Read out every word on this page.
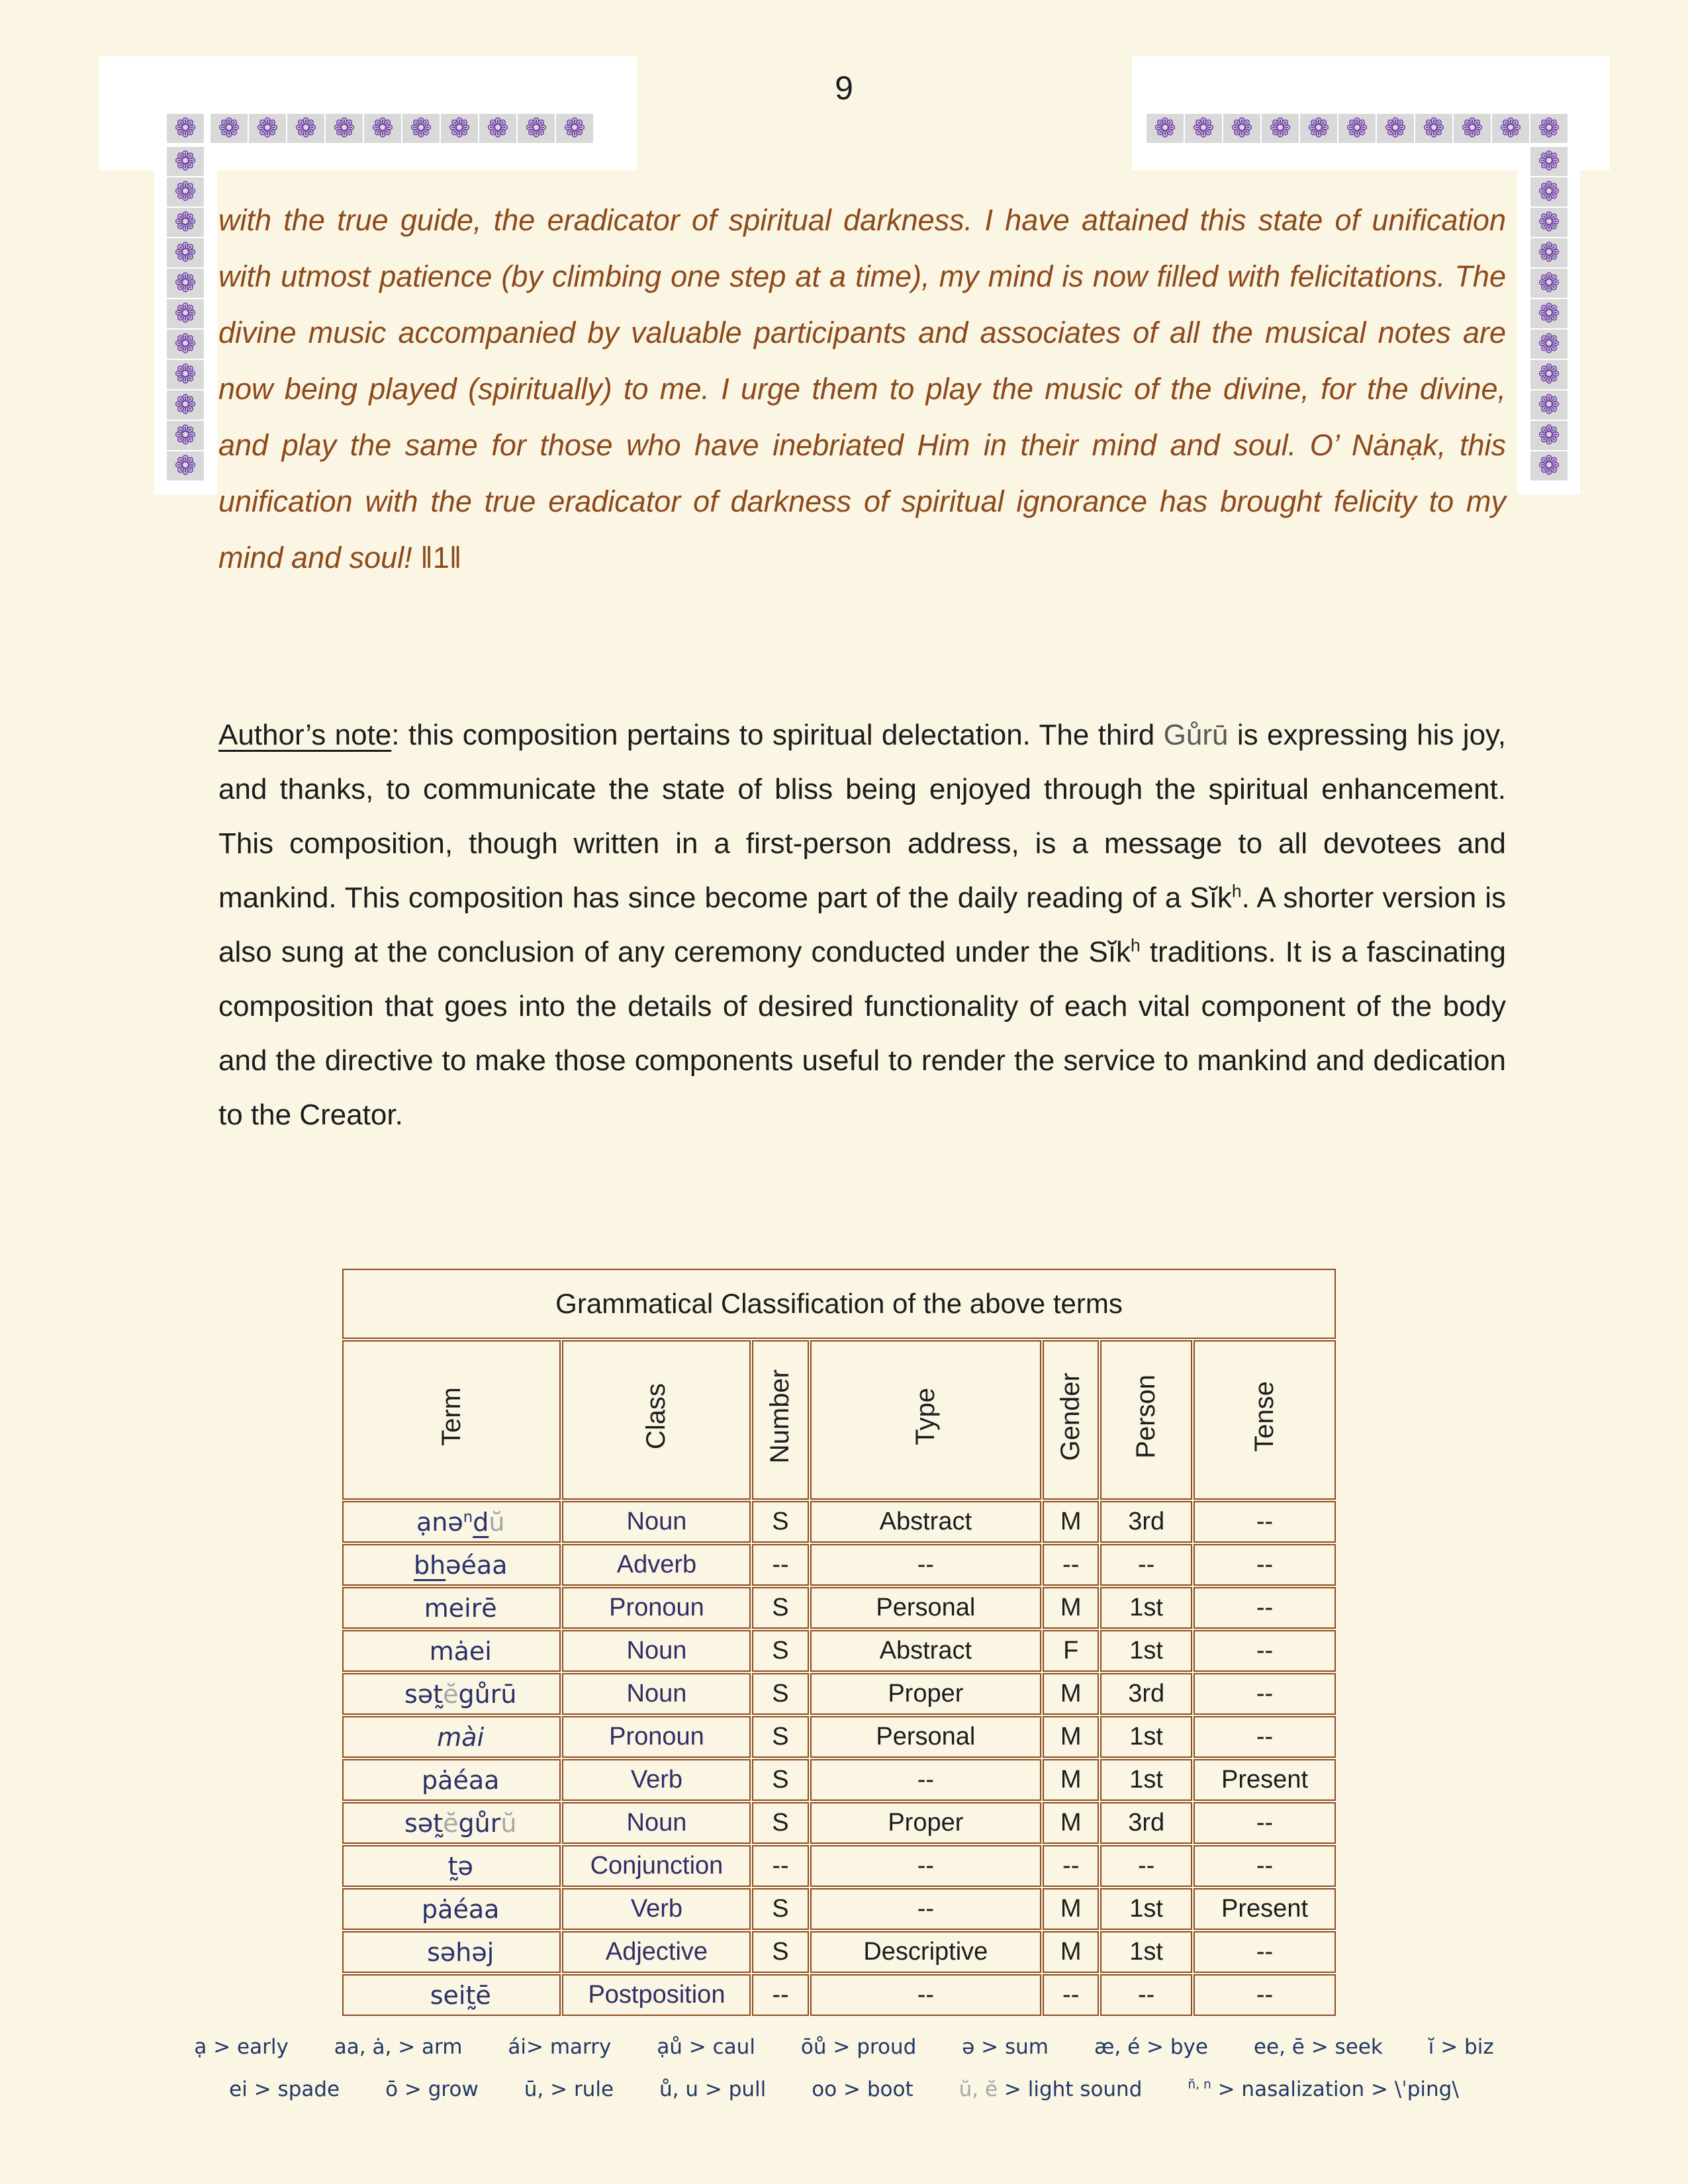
9
❁ ❁ ❁ ❁ ❁ ❁ ❁ ❁ ❁ ❁ ❁
❁
❁
❁
❁
❁
❁
❁
❁
❁
❁
❁
❁
❁ ❁ ❁ ❁ ❁ ❁ ❁ ❁ ❁ ❁
❁
❁
❁
❁
❁
❁
❁
❁
❁
❁
❁
with the true guide, the eradicator of spiritual darkness. I have attained this state of unification with utmost patience (by climbing one step at a time), my mind is now filled with felicitations. The divine music accompanied by valuable participants and associates of all the musical notes are now being played (spiritually) to me. I urge them to play the music of the divine, for the divine, and play the same for those who have inebriated Him in their mind and soul. O’ Nȧnạk, this unification with the true eradicator of darkness of spiritual ignorance has brought felicity to my mind and soul! ǁ1ǁ
Author’s note: this composition pertains to spiritual delectation. The third Gůrū is expressing his joy, and thanks, to communicate the state of bliss being enjoyed through the spiritual enhancement. This composition, though written in a first-person address, is a message to all devotees and mankind. This composition has since become part of the daily reading of a Sĭk$^h$. A shorter version is also sung at the conclusion of any ceremony conducted under the Sĭk$^h$ traditions. It is a fascinating composition that goes into the details of desired functionality of each vital component of the body and the directive to make those components useful to render the service to mankind and dedication to the Creator.
Grammatical Classification of the above terms						
Term	Class	Number	Type	Gender	Person	Tense
ạnə$^n$dŭ	Noun	S	Abstract	M	3rd	--
bhəéaa	Adverb	--	--	--	--	--
meirē	Pronoun	S	Personal	M	1st	--
mȧei	Noun	S	Abstract	F	1st	--
sət̰ĕgůrū	Noun	S	Proper	M	3rd	--
mài	Pronoun	S	Personal	M	1st	--
pȧéaa	Verb	S	--	M	1st	Present
sət̰ĕgůrŭ	Noun	S	Proper	M	3rd	--
t̰ə	Conjunction	--	--	--	--	--
pȧéaa	Verb	S	--	M	1st	Present
səhəj	Adjective	S	Descriptive	M	1st	--
seit̰ē	Postposition	--	--	--	--	--
ạ > early       aa, ȧ, > arm       ái> marry       ạů > caul       ōů > proud       ə > sum       æ, é > bye       ee, ē > seek       ĭ > biz
ei > spade       ō > grow       ū, > rule       ů, u > pull       oo > boot       ŭ, ĕ > light sound       $^{n̆, n}$ > nasalization > \ˈping\
